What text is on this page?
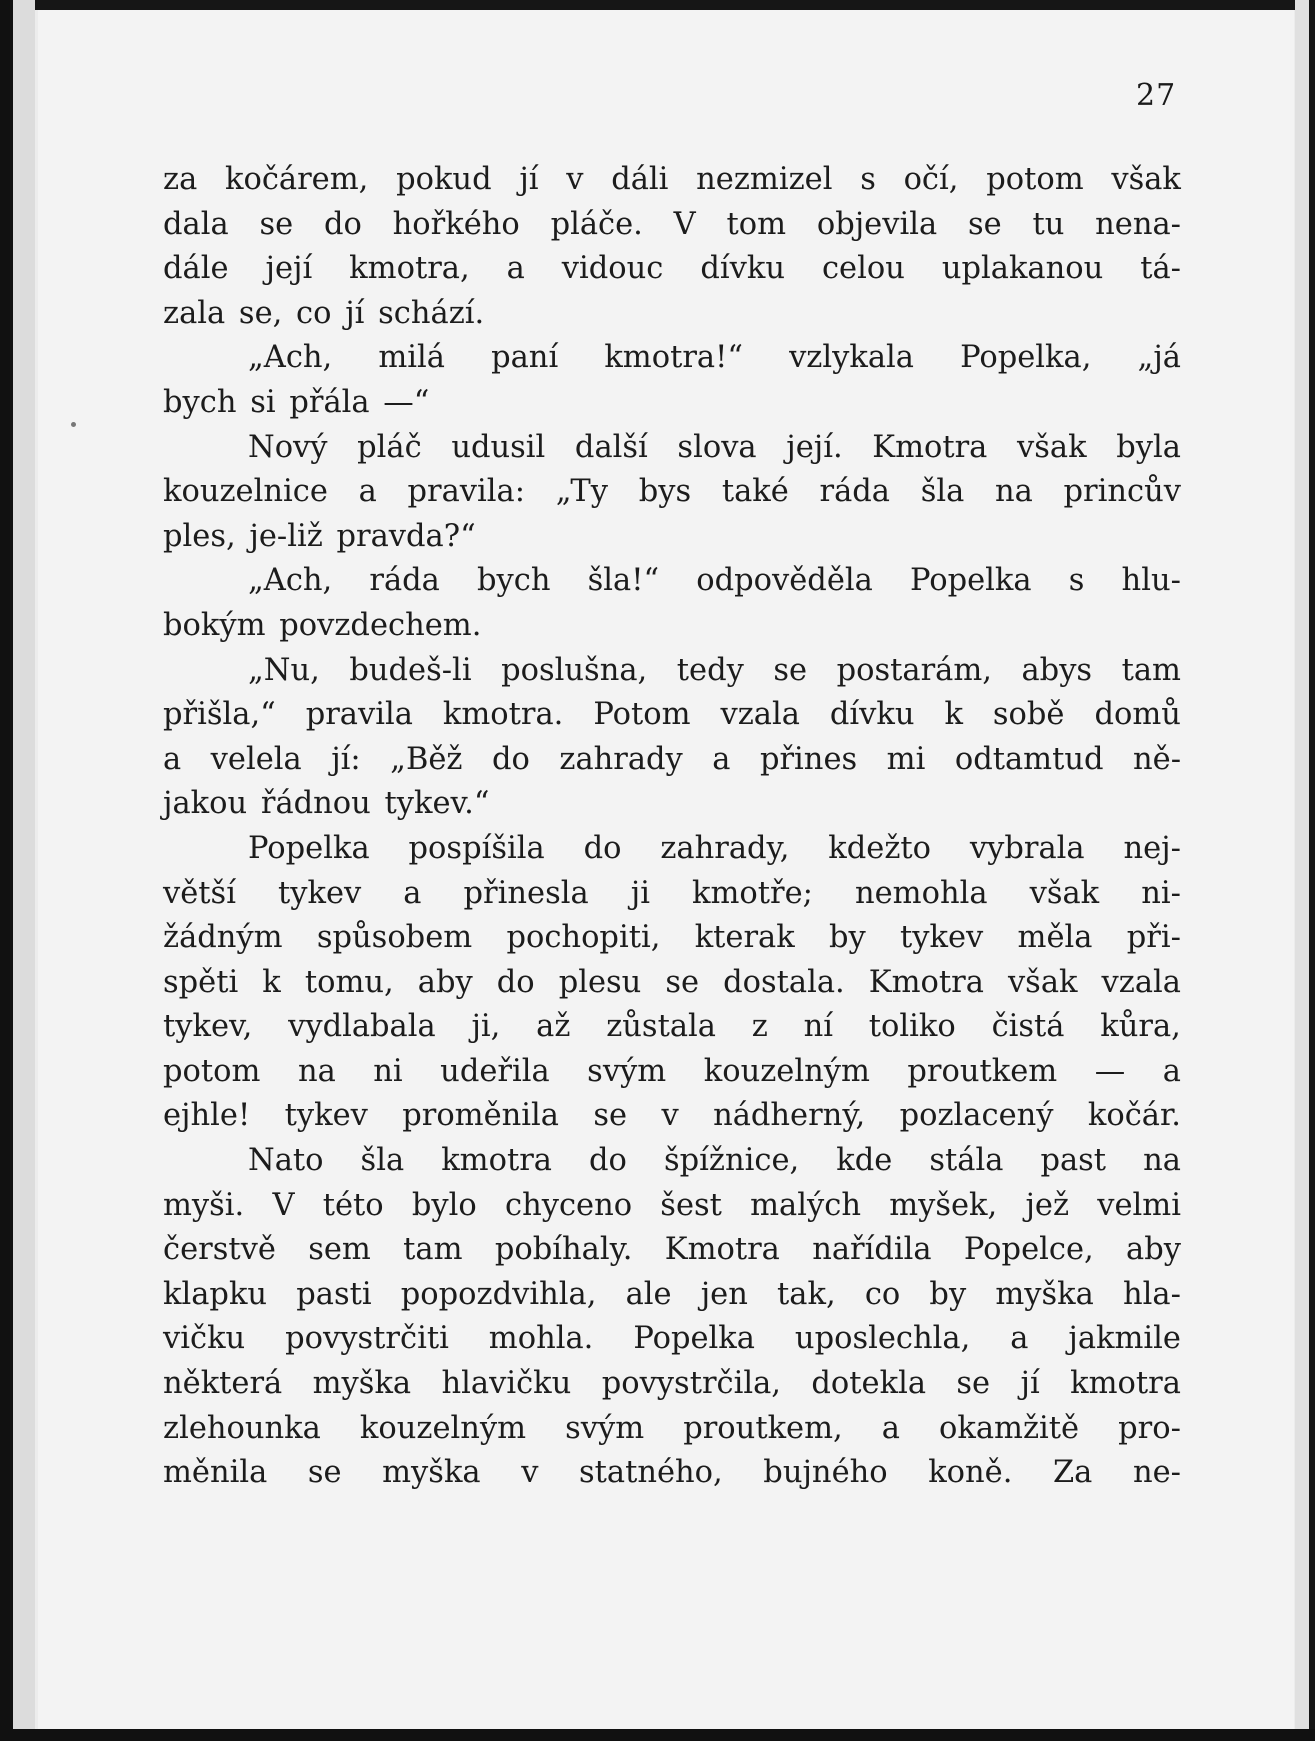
27
za kočárem, pokud jí v dáli nezmizel s očí, potom však
dala se do hořkého pláče. V tom objevila se tu nena-
dále její kmotra, a vidouc dívku celou uplakanou tá-
zala se, co jí schází.
„Ach, milá paní kmotra!“ vzlykala Popelka, „já
bych si přála —“
Nový pláč udusil další slova její. Kmotra však byla
kouzelnice a pravila: „Ty bys také ráda šla na princův
ples, je-liž pravda?“
„Ach, ráda bych šla!“ odpověděla Popelka s hlu-
bokým povzdechem.
„Nu, budeš-li poslušna, tedy se postarám, abys tam
přišla,“ pravila kmotra. Potom vzala dívku k sobě domů
a velela jí: „Běž do zahrady a přines mi odtamtud ně-
jakou řádnou tykev.“
Popelka pospíšila do zahrady, kdežto vybrala nej-
větší tykev a přinesla ji kmotře; nemohla však ni-
žádným spůsobem pochopiti, kterak by tykev měla při-
spěti k tomu, aby do plesu se dostala. Kmotra však vzala
tykev, vydlabala ji, až zůstala z ní toliko čistá kůra,
potom na ni udeřila svým kouzelným proutkem — a
ejhle! tykev proměnila se v nádherný, pozlacený kočár.
Nato šla kmotra do špížnice, kde stála past na
myši. V této bylo chyceno šest malých myšek, jež velmi
čerstvě sem tam pobíhaly. Kmotra nařídila Popelce, aby
klapku pasti popozdvihla, ale jen tak, co by myška hla-
vičku povystrčiti mohla. Popelka uposlechla, a jakmile
některá myška hlavičku povystrčila, dotekla se jí kmotra
zlehounka kouzelným svým proutkem, a okamžitě pro-
měnila se myška v statného, bujného koně. Za ne-
